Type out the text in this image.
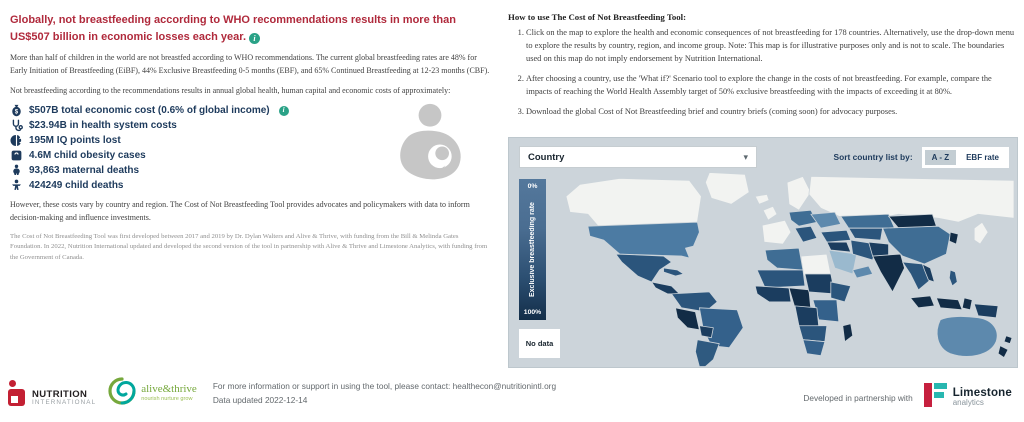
Globally, not breastfeeding according to WHO recommendations results in more than US$507 billion in economic losses each year. i

More than half of children in the world are not breastfed according to WHO recommendations. The current global breastfeeding rates are 48% for Early Initiation of Breastfeeding (EiBF), 44% Exclusive Breastfeeding 0-5 months (EBF), and 65% Continued Breastfeeding at 12-23 months (CBF).

Not breastfeeding according to the recommendations results in annual global health, human capital and economic costs of approximately:

$ $507B total economic cost (0.6% of global income)	i
$23.94B in health system costs
195M IQ points lost
4.6M child obesity cases
93,863 maternal deaths
424249 child deaths

However, these costs vary by country and region. The Cost of Not Breastfeeding Tool provides advocates and policymakers with data to inform decision-making and influence investments.

The Cost of Not Breastfeeding Tool was first developed between 2017 and 2019 by Dr. Dylan Walters and Alive & Thrive, with funding from the Bill & Melinda Gates Foundation. In 2022, Nutrition International updated and developed the second version of the tool in partnership with Alive & Thrive and Limestone Analytics, with funding from the Government of Canada.

How to use The Cost of Not Breastfeeding Tool:
1. Click on the map to explore the health and economic consequences of not breastfeeding for 178 countries. Alternatively, use the drop-down menu to explore the results by country, region, and income group. Note: This map is for illustrative purposes only and is not to scale. The boundaries used on this map do not imply endorsement by Nutrition International.
2. After choosing a country, use the 'What if?' Scenario tool to explore the change in the costs of not breastfeeding. For example, compare the impacts of reaching the World Health Assembly target of 50% exclusive breastfeeding with the impacts of exceeding it at 80%.
3. Download the global Cost of Not Breastfeeding brief and country briefs (coming soon) for advocacy purposes.
Country	▾	Sort country list by:	A - Z	EBF rate
0%
Exclusive breastfeeding rate
100%
No data
NUTRITION
INTERNATIONAL
alive&thrive
nourish nurture grow
For more information or support in using the tool, please contact: healthecon@nutritionintl.org
Data updated 2022-12-14	Developed in partnership with	Limestone
analytics
